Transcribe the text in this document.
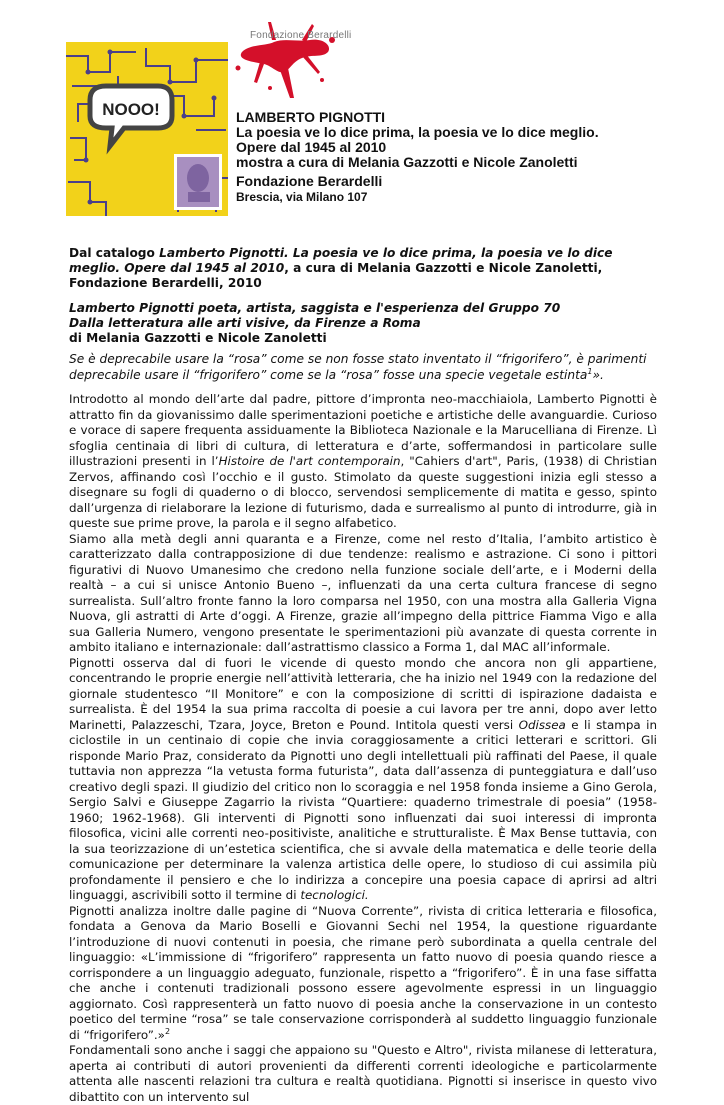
NOOO!
Fondazione Berardelli
LAMBERTO PIGNOTTI
La poesia ve lo dice prima, la poesia ve lo dice meglio.
Opere dal 1945 al 2010
mostra a cura di Melania Gazzotti e Nicole Zanoletti
Fondazione Berardelli
Brescia, via Milano 107
Dal catalogo Lamberto Pignotti. La poesia ve lo dice prima, la poesia ve lo dice meglio. Opere dal 1945 al 2010, a cura di Melania Gazzotti e Nicole Zanoletti, Fondazione Berardelli, 2010
Lamberto Pignotti poeta, artista, saggista e l'esperienza del Gruppo 70
Dalla letteratura alle arti visive, da Firenze a Roma
di Melania Gazzotti e Nicole Zanoletti
Se è deprecabile usare la “rosa” come se non fosse stato inventato il “frigorifero”, è parimenti deprecabile usare il “frigorifero” come se la “rosa” fosse una specie vegetale estinta$^1$».

Introdotto al mondo dell’arte dal padre, pittore d’impronta neo-macchiaiola, Lamberto Pignotti è attratto fin da giovanissimo dalle sperimentazioni poetiche e artistiche delle avanguardie. Curioso e vorace di sapere frequenta assiduamente la Biblioteca Nazionale e la Marucelliana di Firenze. Lì sfoglia centinaia di libri di cultura, di letteratura e d’arte, soffermandosi in particolare sulle illustrazioni presenti in l’Histoire de l'art contemporain, "Cahiers d'art", Paris, (1938) di Christian Zervos, affinando così l’occhio e il gusto. Stimolato da queste suggestioni inizia egli stesso a disegnare su fogli di quaderno o di blocco, servendosi semplicemente di matita e gesso, spinto dall’urgenza di rielaborare la lezione di futurismo, dada e surrealismo al punto di introdurre, già in queste sue prime prove, la parola e il segno alfabetico.

Siamo alla metà degli anni quaranta e a Firenze, come nel resto d’Italia, l’ambito artistico è caratterizzato dalla contrapposizione di due tendenze: realismo e astrazione. Ci sono i pittori figurativi di Nuovo Umanesimo che credono nella funzione sociale dell’arte, e i Moderni della realtà – a cui si unisce Antonio Bueno –, influenzati da una certa cultura francese di segno surrealista. Sull’altro fronte fanno la loro comparsa nel 1950, con una mostra alla Galleria Vigna Nuova, gli astratti di Arte d’oggi. A Firenze, grazie all’impegno della pittrice Fiamma Vigo e alla sua Galleria Numero, vengono presentate le sperimentazioni più avanzate di questa corrente in ambito italiano e internazionale: dall’astrattismo classico a Forma 1, dal MAC all’informale.

Pignotti osserva dal di fuori le vicende di questo mondo che ancora non gli appartiene, concentrando le proprie energie nell’attività letteraria, che ha inizio nel 1949 con la redazione del giornale studentesco “Il Monitore” e con la composizione di scritti di ispirazione dadaista e surrealista. È del 1954 la sua prima raccolta di poesie a cui lavora per tre anni, dopo aver letto Marinetti, Palazzeschi, Tzara, Joyce, Breton e Pound. Intitola questi versi Odissea e li stampa in ciclostile in un centinaio di copie che invia coraggiosamente a critici letterari e scrittori. Gli risponde Mario Praz, considerato da Pignotti uno degli intellettuali più raffinati del Paese, il quale tuttavia non apprezza “la vetusta forma futurista”, data dall’assenza di punteggiatura e dall’uso creativo degli spazi. Il giudizio del critico non lo scoraggia e nel 1958 fonda insieme a Gino Gerola, Sergio Salvi e Giuseppe Zagarrio la rivista “Quartiere: quaderno trimestrale di poesia” (1958-1960; 1962-1968). Gli interventi di Pignotti sono influenzati dai suoi interessi di impronta filosofica, vicini alle correnti neo-positiviste, analitiche e strutturaliste. È Max Bense tuttavia, con la sua teorizzazione di un’estetica scientifica, che si avvale della matematica e delle teorie della comunicazione per determinare la valenza artistica delle opere, lo studioso di cui assimila più profondamente il pensiero e che lo indirizza a concepire una poesia capace di aprirsi ad altri linguaggi, ascrivibili sotto il termine di tecnologici.

Pignotti analizza inoltre dalle pagine di “Nuova Corrente”, rivista di critica letteraria e filosofica, fondata a Genova da Mario Boselli e Giovanni Sechi nel 1954, la questione riguardante l’introduzione di nuovi contenuti in poesia, che rimane però subordinata a quella centrale del linguaggio: «L’immissione di “frigorifero” rappresenta un fatto nuovo di poesia quando riesce a corrispondere a un linguaggio adeguato, funzionale, rispetto a “frigorifero”. È in una fase siffatta che anche i contenuti tradizionali possono essere agevolmente espressi in un linguaggio aggiornato. Così rappresenterà un fatto nuovo di poesia anche la conservazione in un contesto poetico del termine “rosa” se tale conservazione corrisponderà al suddetto linguaggio funzionale di “frigorifero”.»$^2$

Fondamentali sono anche i saggi che appaiono su "Questo e Altro", rivista milanese di letteratura, aperta ai contributi di autori provenienti da differenti correnti ideologiche e particolarmente attenta alle nascenti relazioni tra cultura e realtà quotidiana. Pignotti si inserisce in questo vivo dibattito con un intervento sul
